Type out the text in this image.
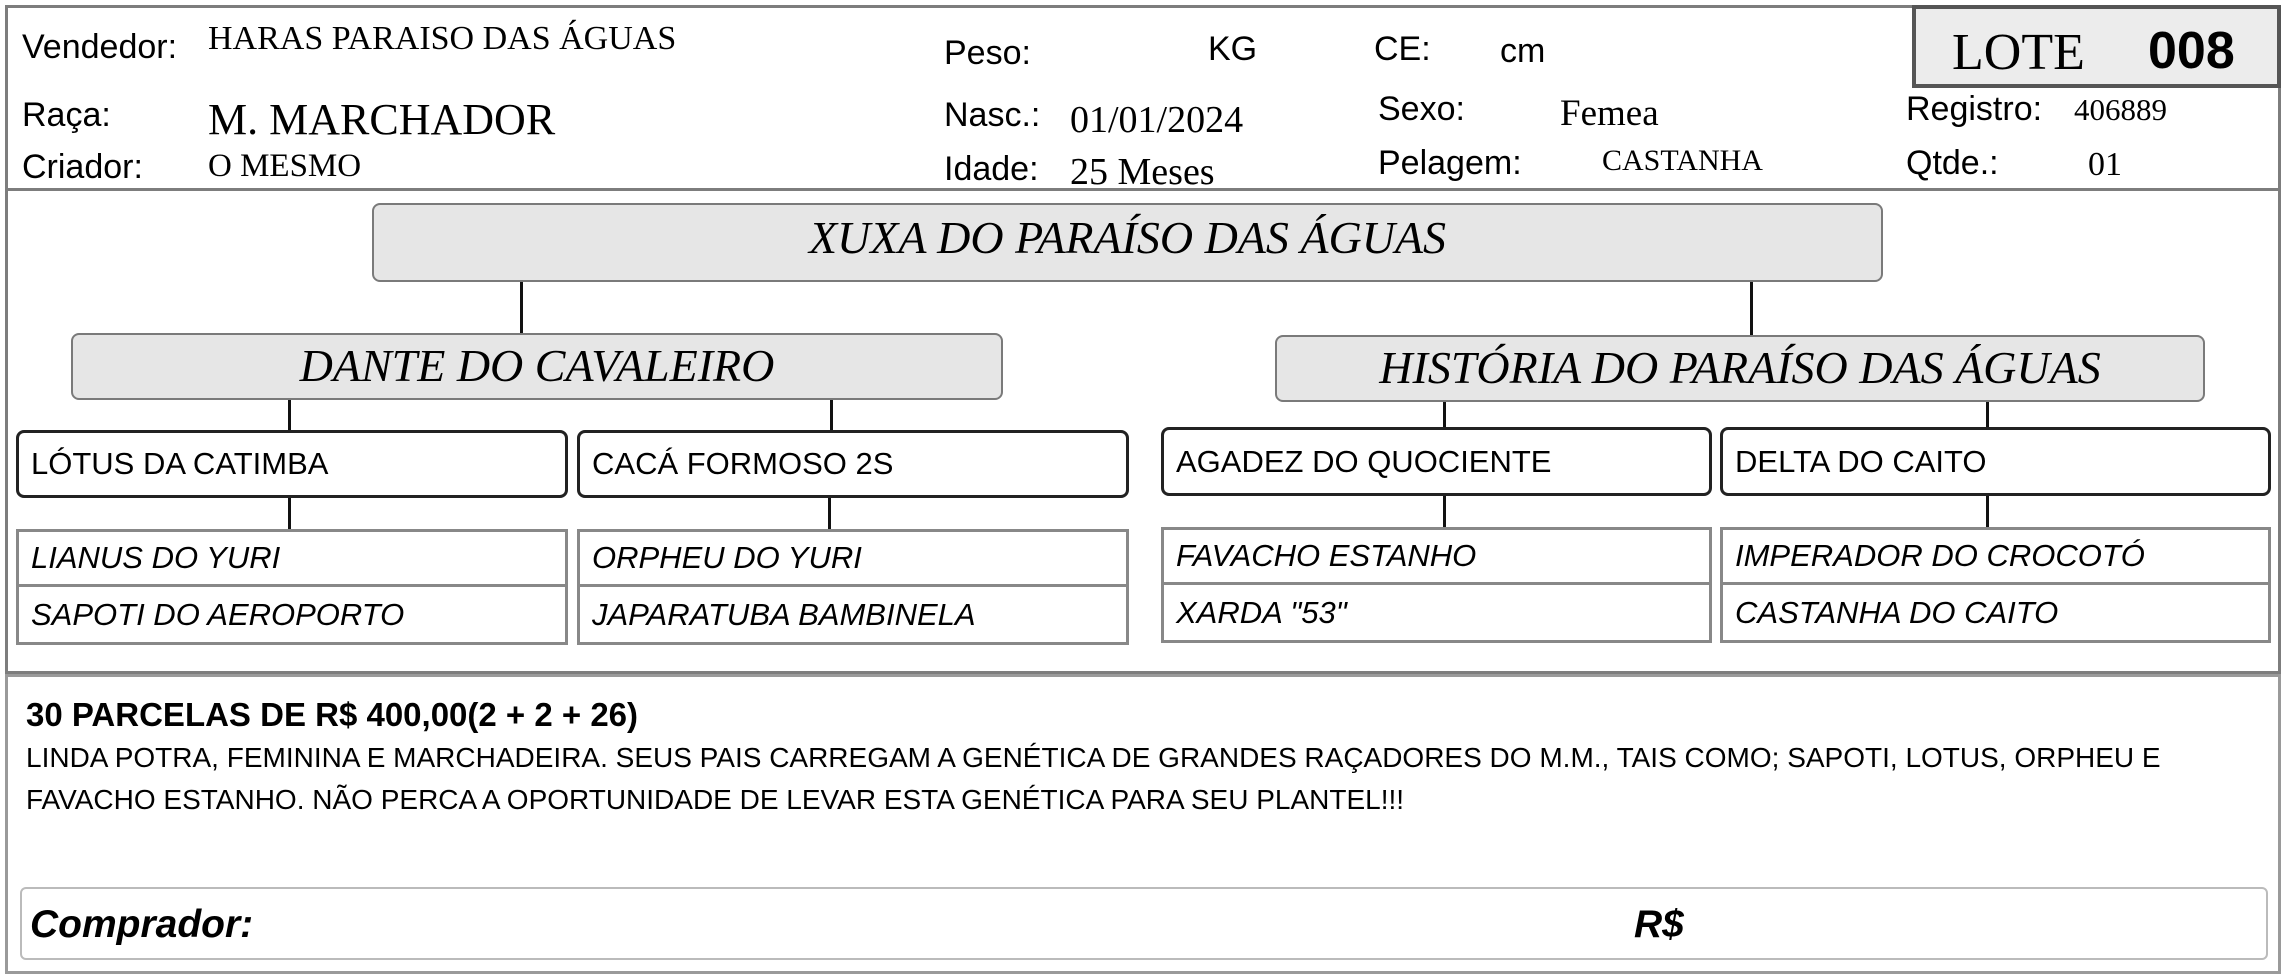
Vendedor: HARAS PARAISO DAS ÁGUAS
Raça: M. MARCHADOR
Criador: O MESMO
Peso:	KG
Nasc.: 01/01/2024
Idade: 25 Meses
CE: cm
Sexo:	Femea
Pelagem:	CASTANHA
LOTE 008
Registro: 406889
Qtde.:	01
XUXA DO PARAÍSO DAS ÁGUAS
DANTE DO CAVALEIRO	HISTÓRIA DO PARAÍSO DAS ÁGUAS
LÓTUS DA CATIMBA	CACÁ FORMOSO 2S	AGADEZ DO QUOCIENTE	DELTA DO CAITO
LIANUS DO YURI
SAPOTI DO AEROPORTO
ORPHEU DO YURI
JAPARATUBA BAMBINELA
FAVACHO ESTANHO
XARDA "53"
IMPERADOR DO CROCOTÓ
CASTANHA DO CAITO
30 PARCELAS DE R$ 400,00(2 + 2 + 26)
LINDA POTRA, FEMININA E MARCHADEIRA. SEUS PAIS CARREGAM A GENÉTICA DE GRANDES RAÇADORES DO M.M., TAIS COMO; SAPOTI, LOTUS, ORPHEU E
FAVACHO ESTANHO. NÃO PERCA A OPORTUNIDADE DE LEVAR ESTA GENÉTICA PARA SEU PLANTEL!!!
Comprador:	R$
